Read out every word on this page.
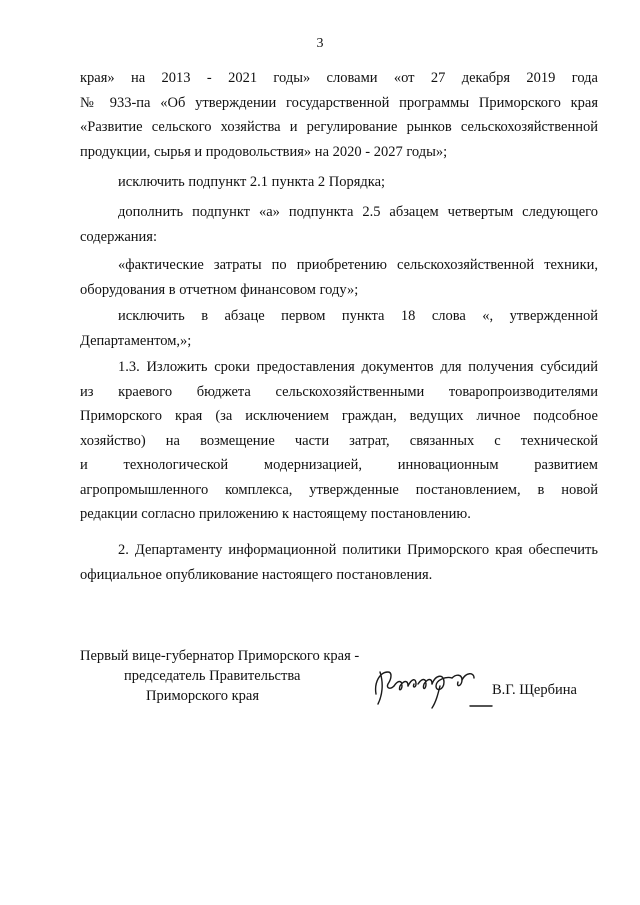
3

края» на 2013 - 2021 годы» словами «от 27 декабря 2019 года

№ 933-па «Об утверждении государственной программы Приморского края

«Развитие сельского хозяйства и регулирование рынков сельскохозяйственной

продукции, сырья и продовольствия» на 2020 - 2027 годы»;

исключить подпункт 2.1 пункта 2 Порядка;

дополнить подпункт «а» подпункта 2.5 абзацем четвертым следующего

содержания:

«фактические затраты по приобретению сельскохозяйственной техники,

оборудования в отчетном финансовом году»;

исключить в абзаце первом пункта 18 слова «, утвержденной

Департаментом,»;

1.3. Изложить сроки предоставления документов для получения субсидий

из краевого бюджета сельскохозяйственными товаропроизводителями

Приморского края (за исключением граждан, ведущих личное подсобное

хозяйство) на возмещение части затрат, связанных с технической

и технологической модернизацией, инновационным развитием

агропромышленного комплекса, утвержденные постановлением, в новой

редакции согласно приложению к настоящему постановлению.

2. Департаменту информационной политики Приморского края обеспечить

официальное опубликование настоящего постановления.

Первый вице-губернатор Приморского края -
председатель Правительства
Приморского края	В.Г. Щербина
